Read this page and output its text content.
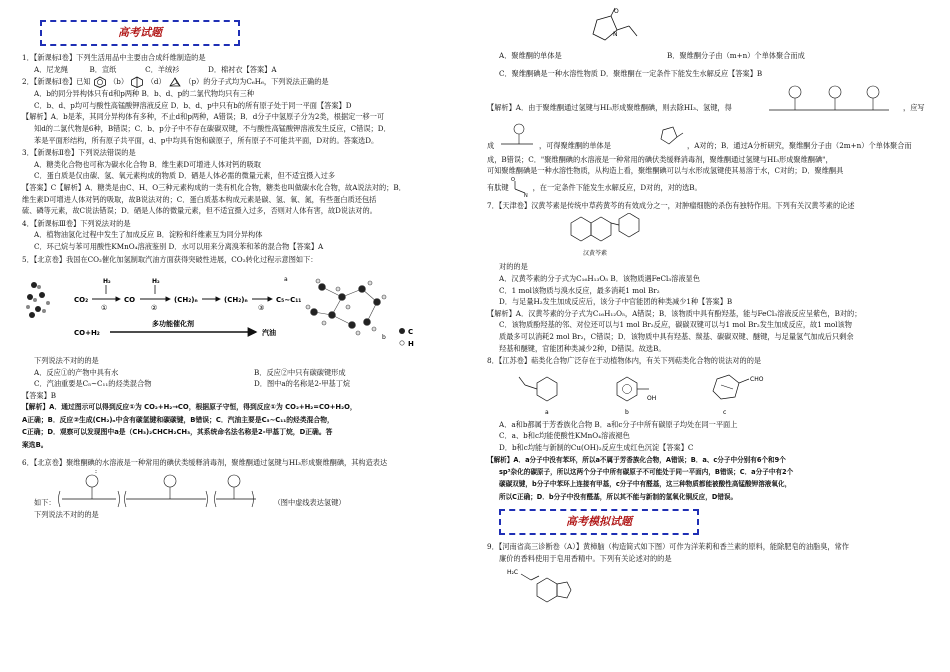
高考试题

1．【新课标Ⅰ卷】下列生活用品中主要由合成纤维制造的是

A．尼龙绳　　　B．宣纸　　　　C．羊绒衫　　　　D．棉衬衣【答案】A

2．【新课标Ⅰ卷】已知	（b）	（d）	（p）的分子式均为C₆H₆，下列说法正确的是

A．b的同分异构体只有d和p两种 B．b、d、p的二氯代物均只有三种

C．b、d、p均可与酸性高锰酸钾溶液反应 D．b、d、p中只有b的所有原子处于同一平面【答案】D

【解析】A．b是苯，其同分异构体有多种，不止d和p两种，A错误；B．d分子中氢原子分为2类，根据定一移一可

知d的二氯代物是6种，B错误；C．b、p分子中不存在碳碳双键，不与酸性高锰酸钾溶液发生反应，C错误；D．

苯是平面形结构，所有原子共平面，d、p中均具有饱和碳原子，所有原子不可能共平面，D对的。答案选D。

3．【新课标Ⅱ卷】下列说法错误的是

A．糖类化合物也可称为碳水化合物 B．维生素D可增进人体对钙的吸取

C．蛋白质是仅由碳、氢、氧元素构成的物质 D．硒是人体必需的微量元素，但不适宜摄入过多

【答案】C【解析】A．糖类是由C、H、O三种元素构成的一类有机化合物，糖类也叫做碳水化合物，故A说法对的；B．

维生素D可增进人体对钙的吸取，故B说法对的；C．蛋白质基本构成元素是碳、氢、氧、氮，有些蛋白质还包括

硫、磷等元素，故C说法错误；D．硒是人体的微量元素，但不适宜摄入过多，否则对人体有害，故D说法对的。

4．【新课标Ⅲ卷】下列说法对的是

A．植物油氢化过程中发生了加成反应 B．淀粉和纤维素互为同分异构体

C．环己烷与苯可用酸性KMnO₄溶液鉴别 D．水可以用来分离溴苯和苯的混合物【答案】A

5．【北京卷】我国在CO₂催化加氢制取汽油方面获得突破性进展，CO₂转化过程示意图如下：

CO₂
H₂
①
CO
H₂
②
(CH₂)ₙ	(CH₂)ₙ
③
C₅~C₁₁
CO+H₂
多功能催化剂
汽油
a
b
C
H

下列说法不对的的是

A．反应①的产物中具有水	B．反应②中只有碳碳键形成
C．汽油重要是C₅~C₁₁的烃类混合物	D．图中a的名称是2-甲基丁烷

【答案】B

【解析】A．通过图示可以得到反应①为 CO₂+H₂→CO，根据原子守恒，得到反应①为 CO₂+H₂=CO+H₂O，

A正确；B．反应②生成(CH₂)ₙ中含有碳氢键和碳碳键，B错误；C．汽油主要是C₅~C₁₁的烃类混合物，

C正确；D．观察可以发现图中a是（CH₃)₂CHCH₂CH₃，其系统命名法名称是2-甲基丁烷，D正确。答

案选B。

6．【北京卷】聚维酮碘的水溶液是一种常用的碘伏类缓释消毒剂，聚维酮通过氢键与HI₃形成聚维酮碘，其构造表达

如下：	（图中虚线表达氢键）

下列说法不对的的是

O
N
A．聚维酮的单体是	B．聚维酮分子由（m+n）个单体聚合而成

C．聚维酮碘是一种水溶性物质 D．聚维酮在一定条件下能发生水解反应【答案】B

【解析】A．由于聚维酮通过氢键与HI₃形成聚维酮碘，则去除HI₃、氢键，得	，应写
成	，可得聚维酮的单体是	，A对的；B．通过A分析研究，聚维酮分子由（2m+n）个单体聚合而

成，B错误；C．"聚维酮碘的水溶液是一种常用的碘伏类缓释消毒剂，聚维酮通过氢键与HI₃形成聚维酮碘"，

可知聚维酮碘是一种水溶性物质，从构造上看，聚维酮碘可以与水形成氢键使其易溶于水，C对的；D．聚维酮具

有肽键
O
N
，在一定条件下能发生水解反应，D对的，对的选B。

7．【天津卷】汉黄芩素是传统中草药黄芩的有效成分之一，对肿瘤细胞的杀伤有独特作用。下列有关汉黄芩素的论述

汉黄芩素

对的的是

A．汉黄芩素的分子式为C₁₆H₁₃O₅ B．该物质遇FeCl₃溶液显色

C．1 mol该物质与溴水反应，最多消耗1 mol Br₂

D．与足量H₂发生加成反应后，该分子中官能团的种类减少1种【答案】B

【解析】A．汉黄芩素的分子式为C₁₆H₁₂O₅，A错误；B．该物质中具有酚羟基，能与FeCl₃溶液反应呈紫色，B对的；

C．该物质酚羟基的邻、对位还可以与1 mol Br₂反应，碳碳双键可以与1 mol Br₂发生加成反应，故1 mol该物

质最多可以消耗2 mol Br₂，C错误；D．该物质中具有羟基、羰基、碳碳双键、醚键，与足量氢气加成后只剩余

羟基和醚键，官能团种类减少2种，D错误。故选B。

8．【江苏卷】萜类化合物广泛存在于动植物体内，有关下列萜类化合物的说法对的的是

a
OH
b
CHO
c

A．a和b都属于芳香族化合物 B．a和c分子中所有碳原子均处在同一平面上

C．a、b和c均能使酸性KMnO₄溶液褪色

D．b和c均能与新制的Cu(OH)₂反应生成红色沉淀【答案】C

【解析】A．a分子中没有苯环，所以a不属于芳香族化合物，A错误；B．a、c分子中分别有6个和9个

sp³杂化的碳原子，所以这两个分子中所有碳原子不可能处于同一平面内，B错误；C．a分子中有2个

碳碳双键，b分子中苯环上连接有甲基，c分子中有醛基，这三种物质都能被酸性高锰酸钾溶液氧化，

所以C正确；D．b分子中没有醛基，所以其不能与新制的氢氧化铜反应，D错误。

高考模拟试题

9．【河南省高三诊断卷（A）】黄樟脑（构造简式如下图）可作为洋茉莉和香兰素的原料，能除肥皂的油脂臭，常作

廉价的香料使用于皂用香精中。下列有关论述对的的是

H₂C
